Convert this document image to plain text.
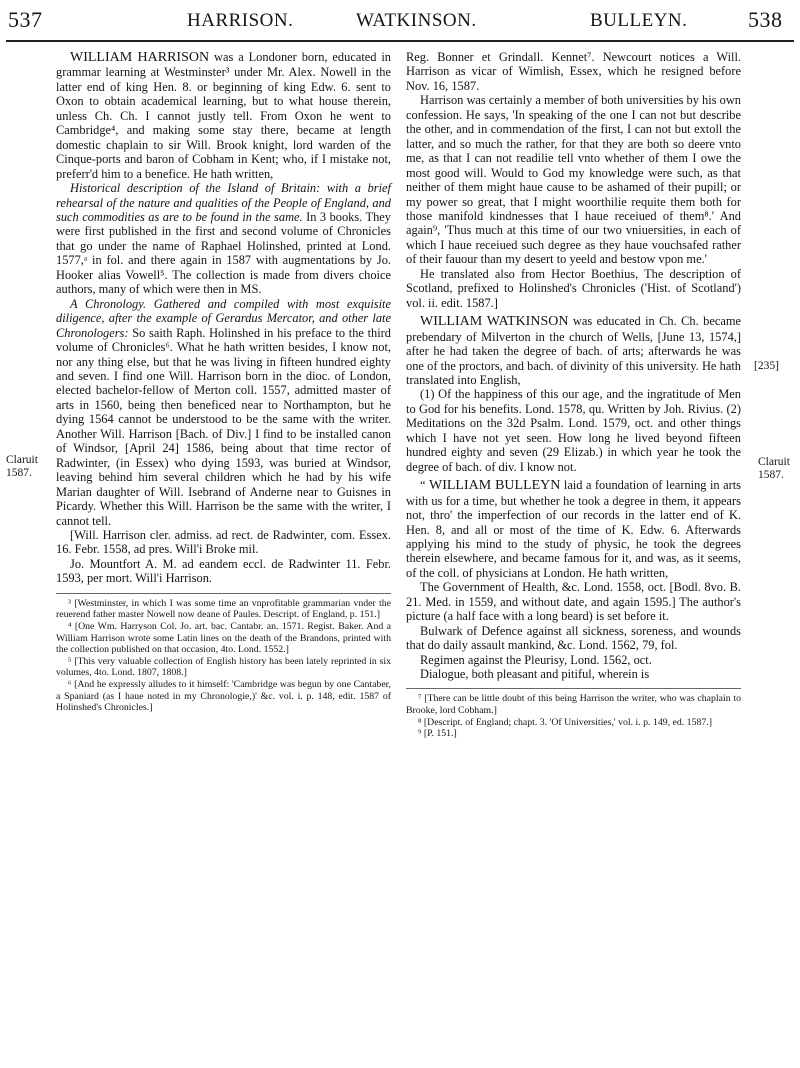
537	HARRISON.	WATKINSON.	BULLEYN.	538
Claruit
1587.
[235]
Claruit
1587.

WILLIAM HARRISON was a Londoner born, educated in grammar learning at Westminster³ under Mr. Alex. Nowell in the latter end of king Hen. 8. or beginning of king Edw. 6. sent to Oxon to obtain academical learning, but to what house therein, unless Ch. Ch. I cannot justly tell. From Oxon he went to Cambridge⁴, and making some stay there, became at length domestic chaplain to sir Will. Brook knight, lord warden of the Cinque-ports and baron of Cobham in Kent; who, if I mistake not, preferr'd him to a benefice. He hath written,

Historical description of the Island of Britain: with a brief rehearsal of the nature and qualities of the People of England, and such commodities as are to be found in the same. In 3 books. They were first published in the first and second volume of Chronicles that go under the name of Raphael Holinshed, printed at Lond. 1577,ᵃ in fol. and there again in 1587 with augmentations by Jo. Hooker alias Vowell⁵. The collection is made from divers choice authors, many of which were then in MS.

A Chronology. Gathered and compiled with most exquisite diligence, after the example of Gerardus Mercator, and other late Chronologers: So saith Raph. Holinshed in his preface to the third volume of Chronicles⁶. What he hath written besides, I know not, nor any thing else, but that he was living in fifteen hundred eighty and seven. I find one Will. Harrison born in the dioc. of London, elected bachelor-fellow of Merton coll. 1557, admitted master of arts in 1560, being then beneficed near to Northampton, but he dying 1564 cannot be understood to be the same with the writer. Another Will. Harrison [Bach. of Div.] I find to be installed canon of Windsor, [April 24] 1586, being about that time rector of Radwinter, (in Essex) who dying 1593, was buried at Windsor, leaving behind him several children which he had by his wife Marian daughter of Will. Isebrand of Anderne near to Guisnes in Picardy. Whether this Will. Harrison be the same with the writer, I cannot tell.

[Will. Harrison cler. admiss. ad rect. de Radwinter, com. Essex. 16. Febr. 1558, ad pres. Will'i Broke mil.

Jo. Mountfort A. M. ad eandem eccl. de Radwinter 11. Febr. 1593, per mort. Will'i Harrison.

³ [Westminster, in which I was some time an vnprofitable grammarian vnder the reuerend father master Nowell now deane of Paules. Descript. of England, p. 151.]

⁴ [One Wm. Harryson Col. Jo. art. bac. Cantabr. an. 1571. Regist. Baker. And a William Harrison wrote some Latin lines on the death of the Brandons, printed with the collection published on that occasion, 4to. Lond. 1552.]

⁵ [This very valuable collection of English history has been lately reprinted in six volumes, 4to. Lond. 1807, 1808.]

⁶ [And he expressly alludes to it himself: 'Cambridge was begun by one Cantaber, a Spaniard (as I haue noted in my Chronologie,)' &c. vol. i. p. 148, edit. 1587 of Holinshed's Chronicles.]

Reg. Bonner et Grindall. Kennet⁷. Newcourt notices a Will. Harrison as vicar of Wimlish, Essex, which he resigned before Nov. 16, 1587.

Harrison was certainly a member of both universities by his own confession. He says, 'In speaking of the one I can not but describe the other, and in commendation of the first, I can not but extoll the latter, and so much the rather, for that they are both so deere vnto me, as that I can not readilie tell vnto whether of them I owe the most good will. Would to God my knowledge were such, as that neither of them might haue cause to be ashamed of their pupill; or my power so great, that I might woorthilie requite them both for those manifold kindnesses that I haue receiued of them⁸.' And again⁹, 'Thus much at this time of our two vniuersities, in each of which I haue receiued such degree as they haue vouchsafed rather of their fauour than my desert to yeeld and bestow vpon me.'

He translated also from Hector Boethius, The description of Scotland, prefixed to Holinshed's Chronicles ('Hist. of Scotland') vol. ii. edit. 1587.]

WILLIAM WATKINSON was educated in Ch. Ch. became prebendary of Milverton in the church of Wells, [June 13, 1574,] after he had taken the degree of bach. of arts; afterwards he was one of the proctors, and bach. of divinity of this university. He hath translated into English,

(1) Of the happiness of this our age, and the ingratitude of Men to God for his benefits. Lond. 1578, qu. Written by Joh. Rivius. (2) Meditations on the 32d Psalm. Lond. 1579, oct. and other things which I have not yet seen. How long he lived beyond fifteen hundred eighty and seven (29 Elizab.) in which year he took the degree of bach. of div. I know not.

“ WILLIAM BULLEYN laid a foundation of learning in arts with us for a time, but whether he took a degree in them, it appears not, thro' the imperfection of our records in the latter end of K. Hen. 8, and all or most of the time of K. Edw. 6. Afterwards applying his mind to the study of physic, he took the degrees therein elsewhere, and became famous for it, and was, as it seems, of the coll. of physicians at London. He hath written,

The Government of Health, &c. Lond. 1558, oct. [Bodl. 8vo. B. 21. Med. in 1559, and without date, and again 1595.] The author's picture (a half face with a long beard) is set before it.

Bulwark of Defence against all sickness, soreness, and wounds that do daily assault mankind, &c. Lond. 1562, 79, fol.

Regimen against the Pleurisy, Lond. 1562, oct.

Dialogue, both pleasant and pitiful, wherein is

⁷ [There can be little doubt of this being Harrison the writer, who was chaplain to Brooke, lord Cobham.]

⁸ [Descript. of England; chapt. 3. 'Of Universities,' vol. i. p. 149, ed. 1587.]

⁹ [P. 151.]
